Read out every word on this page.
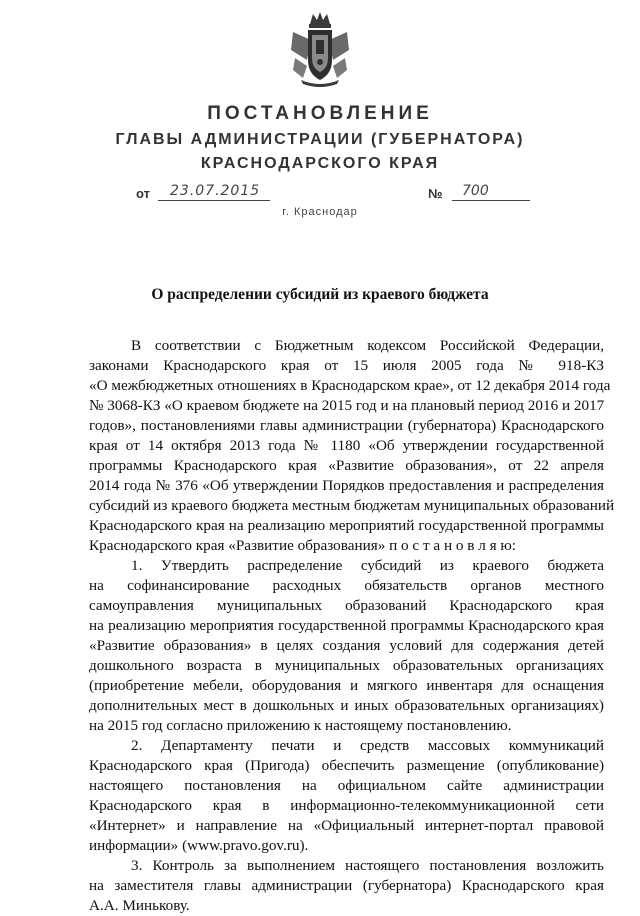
ПОСТАНОВЛЕНИЕ
ГЛАВЫ АДМИНИСТРАЦИИ (ГУБЕРНАТОРА)
КРАСНОДАРСКОГО КРАЯ
от 23.07.2015	№ 700
г. Краснодар
О распределении субсидий из краевого бюджета
В соответствии с Бюджетным кодексом Российской Федерации,
законами Краснодарского края от 15 июля 2005 года № 918-КЗ
«О межбюджетных отношениях в Краснодарском крае», от 12 декабря 2014 года
№ 3068-КЗ «О краевом бюджете на 2015 год и на плановый период 2016 и 2017
годов», постановлениями главы администрации (губернатора) Краснодарского
края от 14 октября 2013 года № 1180 «Об утверждении государственной
программы Краснодарского края «Развитие образования», от 22 апреля
2014 года № 376 «Об утверждении Порядков предоставления и распределения
субсидий из краевого бюджета местным бюджетам муниципальных образований
Краснодарского края на реализацию мероприятий государственной программы
Краснодарского края «Развитие образования» п о с т а н о в л я ю:
1. Утвердить распределение субсидий из краевого бюджета
на софинансирование расходных обязательств органов местного
самоуправления муниципальных образований Краснодарского края
на реализацию мероприятия государственной программы Краснодарского края
«Развитие образования» в целях создания условий для содержания детей
дошкольного возраста в муниципальных образовательных организациях
(приобретение мебели, оборудования и мягкого инвентаря для оснащения
дополнительных мест в дошкольных и иных образовательных организациях)
на 2015 год согласно приложению к настоящему постановлению.
2. Департаменту печати и средств массовых коммуникаций
Краснодарского края (Пригода) обеспечить размещение (опубликование)
настоящего постановления на официальном сайте администрации
Краснодарского края в информационно-телекоммуникационной сети
«Интернет» и направление на «Официальный интернет-портал правовой
информации» (www.pravo.gov.ru).
3. Контроль за выполнением настоящего постановления возложить
на заместителя главы администрации (губернатора) Краснодарского края
А.А. Минькову.
